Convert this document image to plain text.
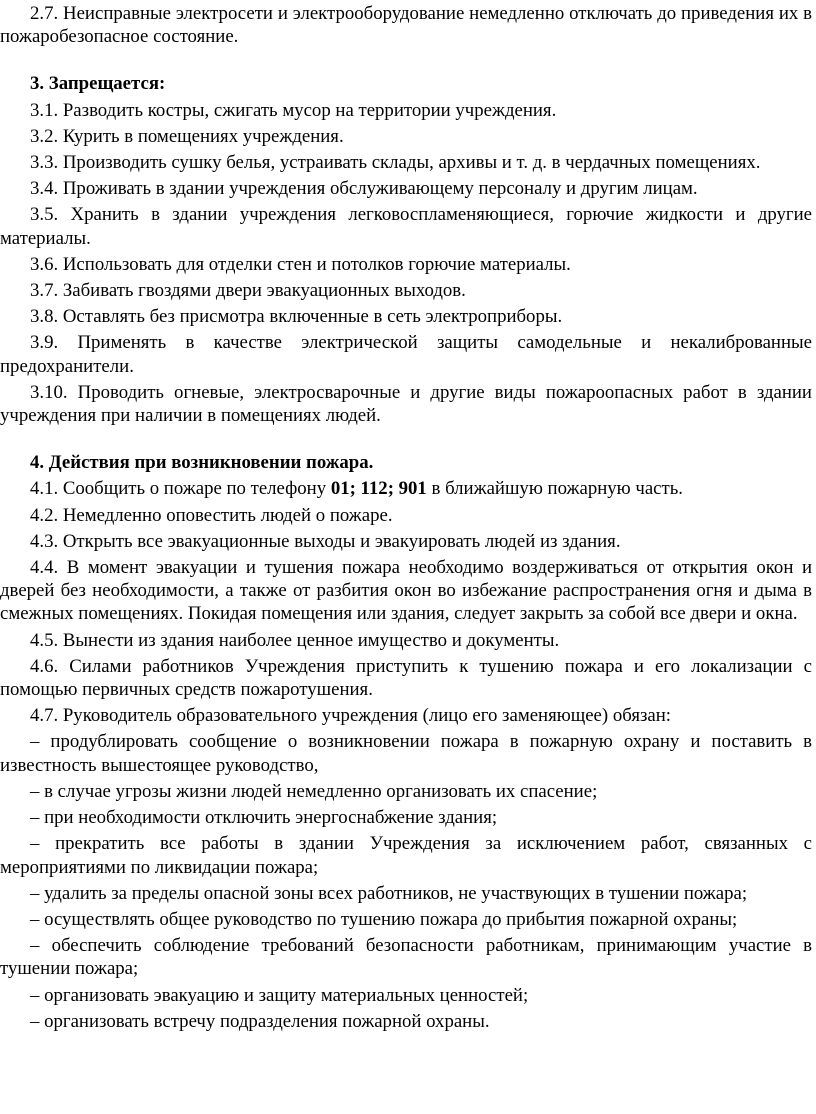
2.7. Неисправные электросети и электрооборудование немедленно отключать до приведения их в пожаробезопасное состояние.

3. Запрещается:

3.1. Разводить костры, сжигать мусор на территории учреждения.

3.2. Курить в помещениях учреждения.

3.3. Производить сушку белья, устраивать склады, архивы и т. д. в чердачных помещениях.

3.4. Проживать в здании учреждения обслуживающему персоналу и другим лицам.

3.5. Хранить в здании учреждения легковоспламеняющиеся, горючие жидкости и другие материалы.

3.6. Использовать для отделки стен и потолков горючие материалы.

3.7. Забивать гвоздями двери эвакуационных выходов.

3.8. Оставлять без присмотра включенные в сеть электроприборы.

3.9. Применять в качестве электрической защиты самодельные и некалиброванные предохранители.

3.10. Проводить огневые, электросварочные и другие виды пожароопасных работ в здании учреждения при наличии в помещениях людей.

4. Действия при возникновении пожара.

4.1. Сообщить о пожаре по телефону 01; 112; 901 в ближайшую пожарную часть.

4.2. Немедленно оповестить людей о пожаре.

4.3. Открыть все эвакуационные выходы и эвакуировать людей из здания.

4.4. В момент эвакуации и тушения пожара необходимо воздерживаться от открытия окон и дверей без необходимости, а также от разбития окон во избежание распространения огня и дыма в смежных помещениях. Покидая помещения или здания, следует закрыть за собой все двери и окна.

4.5. Вынести из здания наиболее ценное имущество и документы.

4.6. Силами работников Учреждения приступить к тушению пожара и его локализации с помощью первичных средств пожаротушения.

4.7. Руководитель образовательного учреждения (лицо его заменяющее) обязан:

– продублировать сообщение о возникновении пожара в пожарную охрану и поставить в известность вышестоящее руководство,

– в случае угрозы жизни людей немедленно организовать их спасение;

– при необходимости отключить энергоснабжение здания;

– прекратить все работы в здании Учреждения за исключением работ, связанных с мероприятиями по ликвидации пожара;

– удалить за пределы опасной зоны всех работников, не участвующих в тушении пожара;

– осуществлять общее руководство по тушению пожара до прибытия пожарной охраны;

– обеспечить соблюдение требований безопасности работникам, принимающим участие в тушении пожара;

– организовать эвакуацию и защиту материальных ценностей;

– организовать встречу подразделения пожарной охраны.
